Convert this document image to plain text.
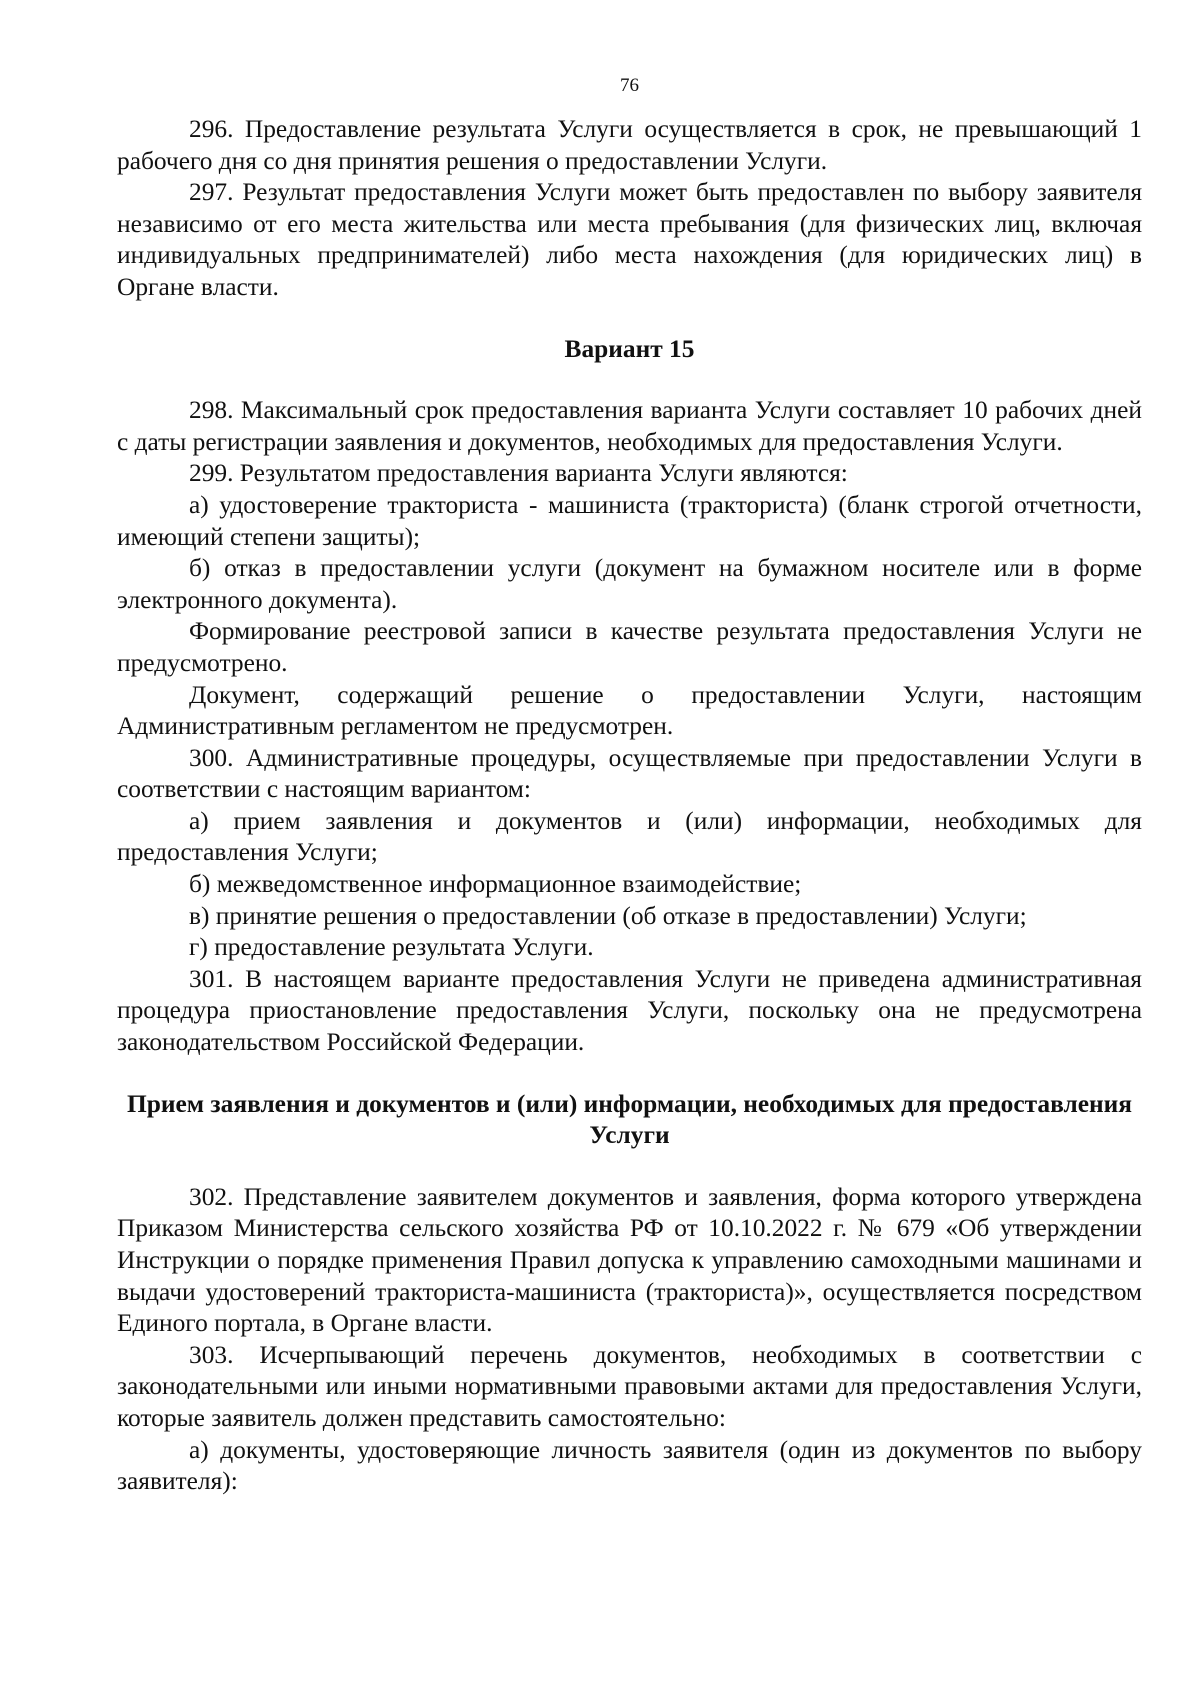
76

296. Предоставление результата Услуги осуществляется в срок, не превышающий 1 рабочего дня со дня принятия решения о предоставлении Услуги.

297. Результат предоставления Услуги может быть предоставлен по выбору заявителя независимо от его места жительства или места пребывания (для физических лиц, включая индивидуальных предпринимателей) либо места нахождения (для юридических лиц) в Органе власти.

Вариант 15

298. Максимальный срок предоставления варианта Услуги составляет 10 рабочих дней с даты регистрации заявления и документов, необходимых для предоставления Услуги.

299. Результатом предоставления варианта Услуги являются:

а) удостоверение тракториста - машиниста (тракториста) (бланк строгой отчетности, имеющий степени защиты);

б) отказ в предоставлении услуги (документ на бумажном носителе или в форме электронного документа).

Формирование реестровой записи в качестве результата предоставления Услуги не предусмотрено.

Документ, содержащий решение о предоставлении Услуги, настоящим Административным регламентом не предусмотрен.

300. Административные процедуры, осуществляемые при предоставлении Услуги в соответствии с настоящим вариантом:

а) прием заявления и документов и (или) информации, необходимых для предоставления Услуги;

б) межведомственное информационное взаимодействие;

в) принятие решения о предоставлении (об отказе в предоставлении) Услуги;

г) предоставление результата Услуги.

301. В настоящем варианте предоставления Услуги не приведена административная процедура приостановление предоставления Услуги, поскольку она не предусмотрена законодательством Российской Федерации.

Прием заявления и документов и (или) информации, необходимых для предоставления Услуги

302. Представление заявителем документов и заявления, форма которого утверждена Приказом Министерства сельского хозяйства РФ от 10.10.2022 г. № 679 «Об утверждении Инструкции о порядке применения Правил допуска к управлению самоходными машинами и выдачи удостоверений тракториста-машиниста (тракториста)», осуществляется посредством Единого портала, в Органе власти.

303. Исчерпывающий перечень документов, необходимых в соответствии с законодательными или иными нормативными правовыми актами для предоставления Услуги, которые заявитель должен представить самостоятельно:

а) документы, удостоверяющие личность заявителя (один из документов по выбору заявителя):
